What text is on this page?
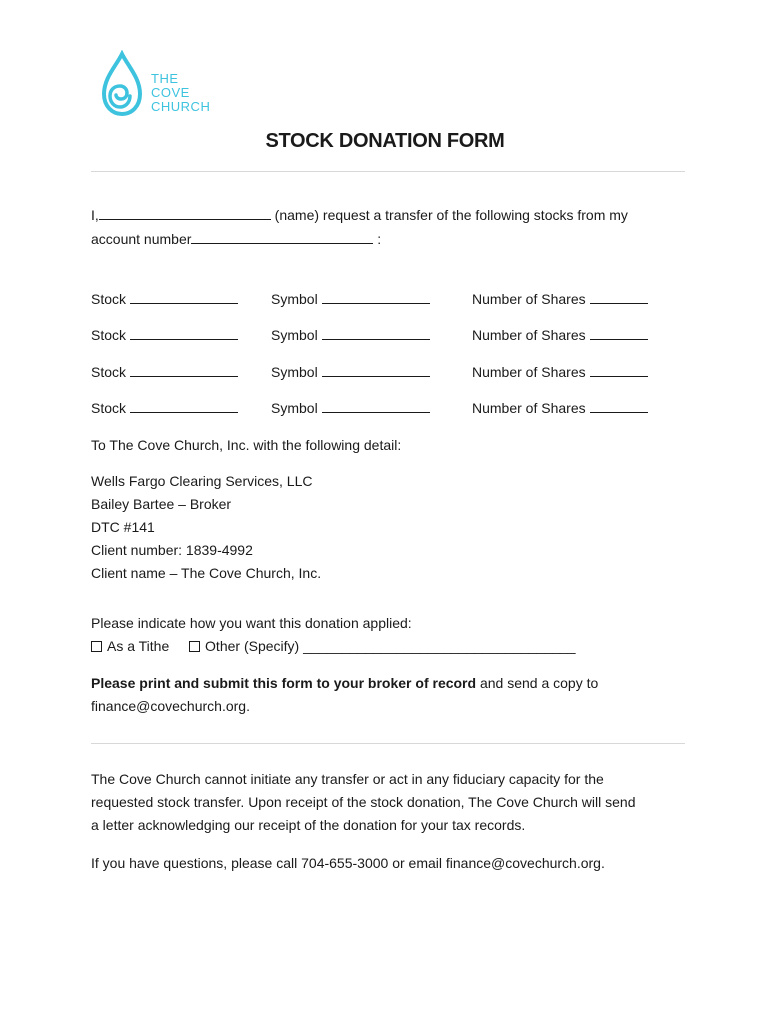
THE
COVE
CHURCH
STOCK DONATION FORM
I,	(name) request a transfer of the following stocks from my
account number	:
Stock	Symbol	Number of Shares
Stock	Symbol	Number of Shares
Stock	Symbol	Number of Shares
Stock	Symbol	Number of Shares
To The Cove Church, Inc. with the following detail:
Wells Fargo Clearing Services, LLC
Bailey Bartee – Broker
DTC #141
Client number: 1839-4992
Client name – The Cove Church, Inc.
Please indicate how you want this donation applied:
As a Tithe	Other (Specify) ___________________________________
Please print and submit this form to your broker of record and send a copy to
finance@covechurch.org.
The Cove Church cannot initiate any transfer or act in any fiduciary capacity for the
requested stock transfer. Upon receipt of the stock donation, The Cove Church will send
a letter acknowledging our receipt of the donation for your tax records.
If you have questions, please call 704-655-3000 or email finance@covechurch.org.
